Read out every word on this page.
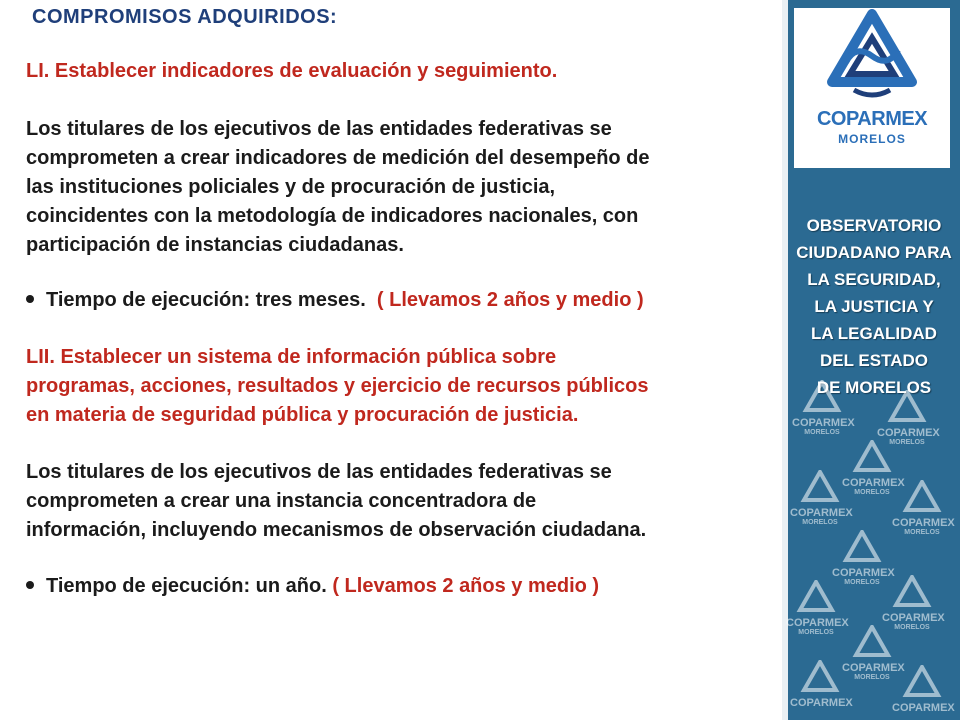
COMPROMISOS ADQUIRIDOS:

LI. Establecer indicadores de evaluación y seguimiento.

Los titulares de los ejecutivos de las entidades federativas se
comprometen a crear indicadores de medición del desempeño de
las instituciones policiales y de procuración de justicia,
coincidentes con la metodología de indicadores nacionales, con
participación de instancias ciudadanas.

Tiempo de ejecución: tres meses. ( Llevamos 2 años y medio )

LII. Establecer un sistema de información pública sobre
programas, acciones, resultados y ejercicio de recursos públicos
en materia de seguridad pública y procuración de justicia.

Los titulares de los ejecutivos de las entidades federativas se
comprometen a crear una instancia concentradora de
información, incluyendo mecanismos de observación ciudadana.

Tiempo de ejecución: un año. ( Llevamos 2 años y medio )
COPARMEX
MORELOS
OBSERVATORIO
CIUDADANO PARA
LA SEGURIDAD,
LA JUSTICIA Y
LA LEGALIDAD
DEL ESTADO
DE MORELOS
COPARMEX
MORELOS	COPARMEX
MORELOS
COPARMEX
MORELOS
COPARMEX
MORELOS	COPARMEX
MORELOS
COPARMEX
MORELOS
COPARMEX
MORELOS
COPARMEX
MORELOS
COPARMEX
MORELOS
COPARMEX	COPARMEX
